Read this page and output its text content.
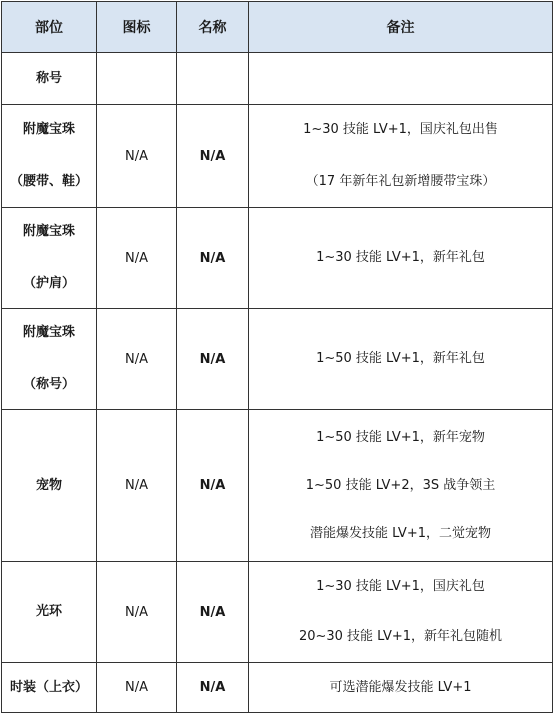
部位	图标	名称	备注

称号			

附魔宝珠
（腰带、鞋）	N/A	N/A	1~30 技能 LV+1，国庆礼包出售
（17 年新年礼包新增腰带宝珠）

附魔宝珠
（护肩）	N/A	N/A	1~30 技能 LV+1，新年礼包

附魔宝珠
（称号）	N/A	N/A	1~50 技能 LV+1，新年礼包

宠物	N/A	N/A	1~50 技能 LV+1，新年宠物
1~50 技能 LV+2，3S 战争领主
潜能爆发技能 LV+1，二觉宠物

光环	N/A	N/A	1~30 技能 LV+1，国庆礼包
20~30 技能 LV+1，新年礼包随机

时装（上衣）	N/A	N/A	可选潜能爆发技能 LV+1
